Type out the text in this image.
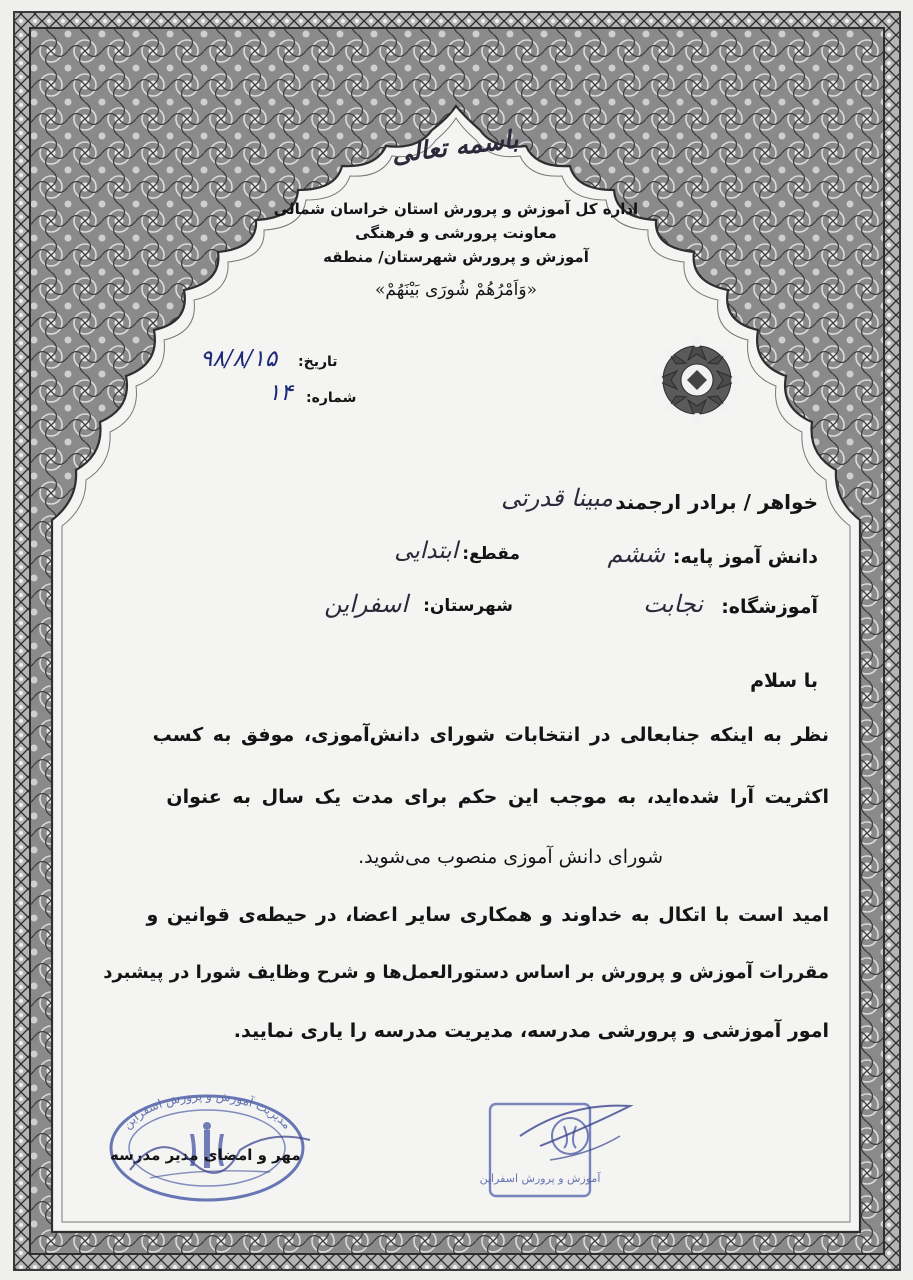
باسمه تعالی
اداره کل آموزش و پرورش استان خراسان شمالی
معاونت پرورشی و فرهنگی
آموزش و پرورش شهرستان/ منطقه
«وَاَمْرُهُمْ شُورَی بَیْنَهُمْ»
تاریخ:
۹۸/۸/۱۵
شماره:
۱۴
خواهر / برادر ارجمند
مبینا قدرتی
دانش آموز پایه:
ششم
مقطع:
ابتدایی
آموزشگاه:
نجابت
شهرستان:
اسفراین
با سلام
نظر به اینکه جنابعالی در انتخابات شورای دانش‌آموزی، موفق به کسب
اکثریت آرا شده‌اید، به موجب این حکم برای مدت یک سال به عنوان
شورای دانش آموزی منصوب می‌شوید.
امید است با اتکال به خداوند و همکاری سایر اعضا، در حیطه‌ی قوانین و
مقررات آموزش و پرورش بر اساس دستورالعمل‌ها و شرح وظایف شورا در پیشبرد
امور آموزشی و پرورشی مدرسه، مدیریت مدرسه را یاری نمایید.
مدیریت آموزش و پرورش اسفراین
مهر و امضای مدیر مدرسه
آموزش و پرورش اسفراین
